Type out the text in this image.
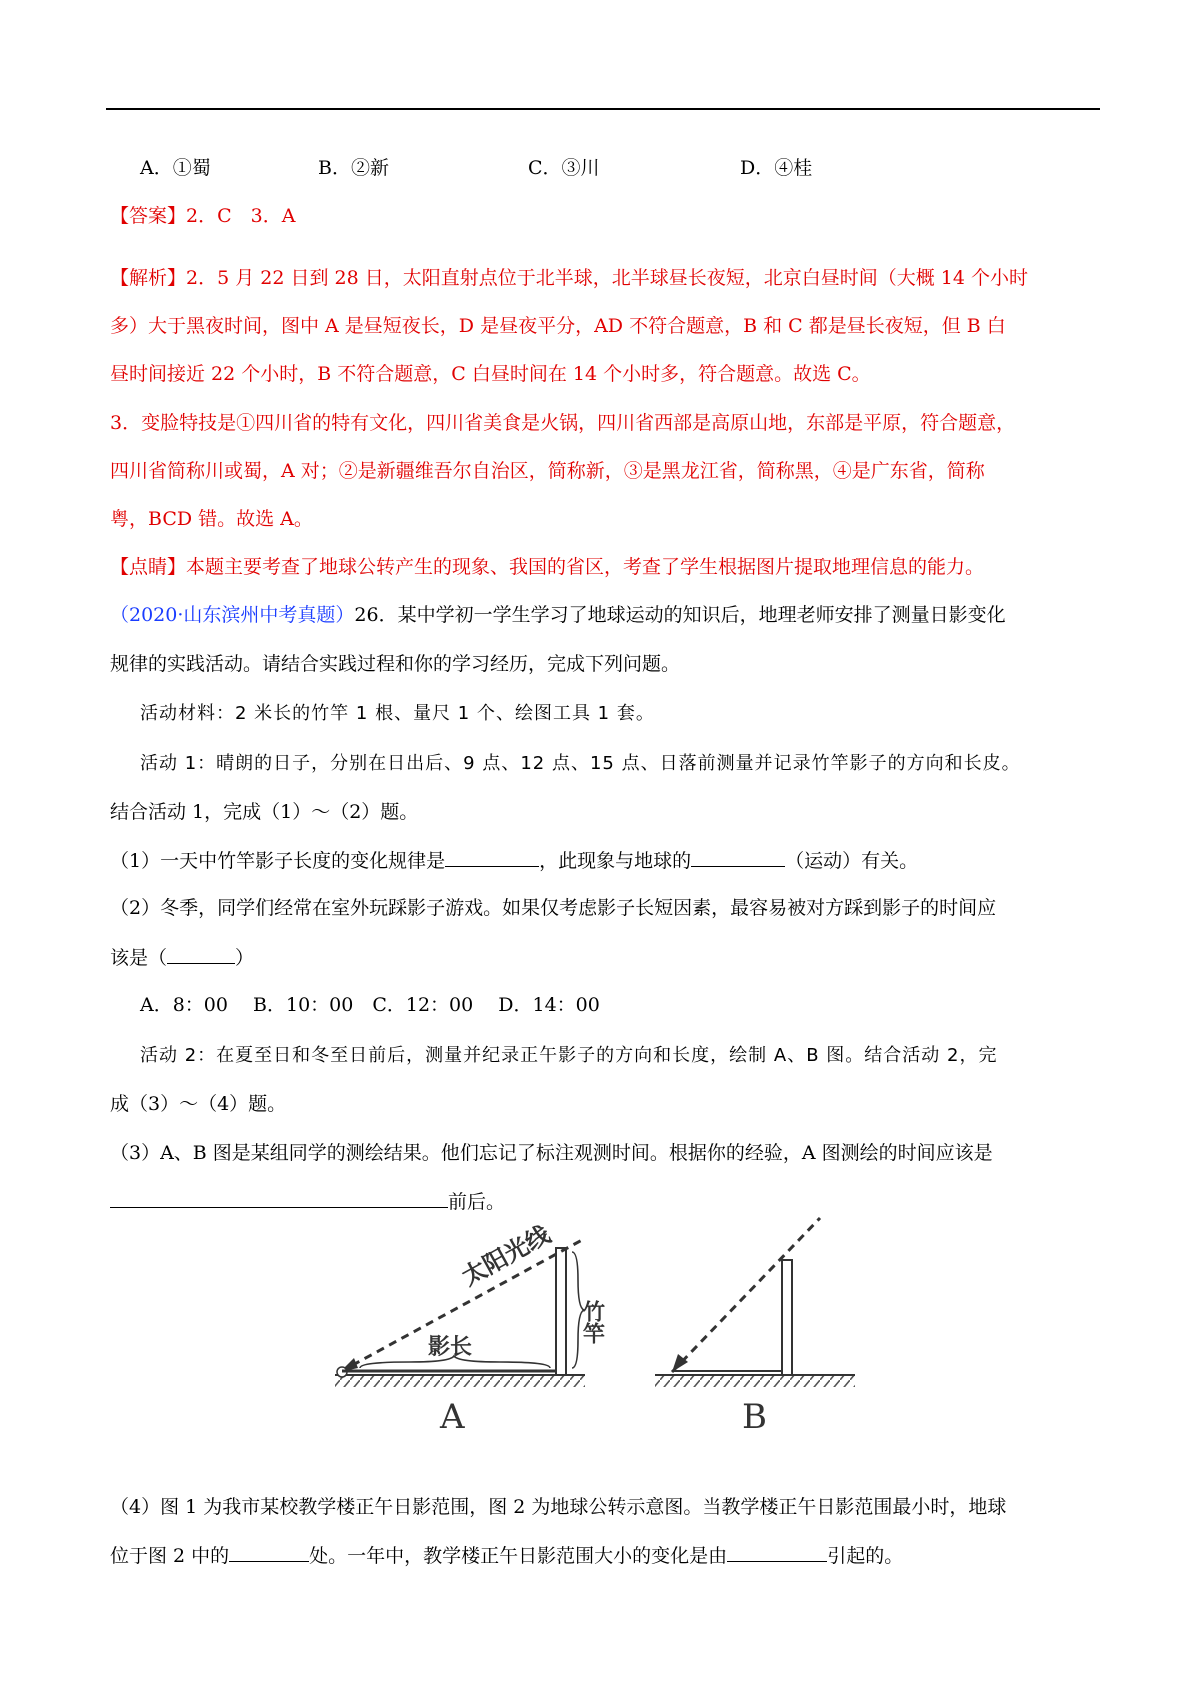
A．①蜀	B．②新	C．③川	D．④桂
【答案】2．C　3．A
【解析】2．5 月 22 日到 28 日，太阳直射点位于北半球，北半球昼长夜短，北京白昼时间（大概 14 个小时
多）大于黑夜时间，图中 A 是昼短夜长，D 是昼夜平分，AD 不符合题意，B 和 C 都是昼长夜短，但 B 白
昼时间接近 22 个小时，B 不符合题意，C 白昼时间在 14 个小时多，符合题意。故选 C。
3．变脸特技是①四川省的特有文化，四川省美食是火锅，四川省西部是高原山地，东部是平原，符合题意，
四川省简称川或蜀，A 对；②是新疆维吾尔自治区，简称新，③是黑龙江省，简称黑，④是广东省，简称
粤，BCD 错。故选 A。
【点睛】本题主要考查了地球公转产生的现象、我国的省区，考查了学生根据图片提取地理信息的能力。
（2020·山东滨州中考真题）26．某中学初一学生学习了地球运动的知识后，地理老师安排了测量日影变化
规律的实践活动。请结合实践过程和你的学习经历，完成下列问题。
活动材料：2 米长的竹竿 1 根、量尺 1 个、绘图工具 1 套。
活动 1：晴朗的日子，分别在日出后、9 点、12 点、15 点、日落前测量并记录竹竿影子的方向和长皮。
结合活动 1，完成（1）～（2）题。
（1）一天中竹竿影子长度的变化规律是	，此现象与地球的	（运动）有关。
（2）冬季，同学们经常在室外玩踩影子游戏。如果仅考虑影子长短因素，最容易被对方踩到影子的时间应
该是（	）
A．8：00　 B．10：00　C．12：00　 D．14：00
活动 2：在夏至日和冬至日前后，测量并纪录正午影子的方向和长度，绘制 A、B 图。结合活动 2，完
成（3）～（4）题。
（3）A、B 图是某组同学的测绘结果。他们忘记了标注观测时间。根据你的经验，A 图测绘的时间应该是
前后。
太阳光线
影长
竹竿
A	B
（4）图 1 为我市某校教学楼正午日影范围，图 2 为地球公转示意图。当教学楼正午日影范围最小时，地球
位于图 2 中的	处。一年中，教学楼正午日影范围大小的变化是由	引起的。
